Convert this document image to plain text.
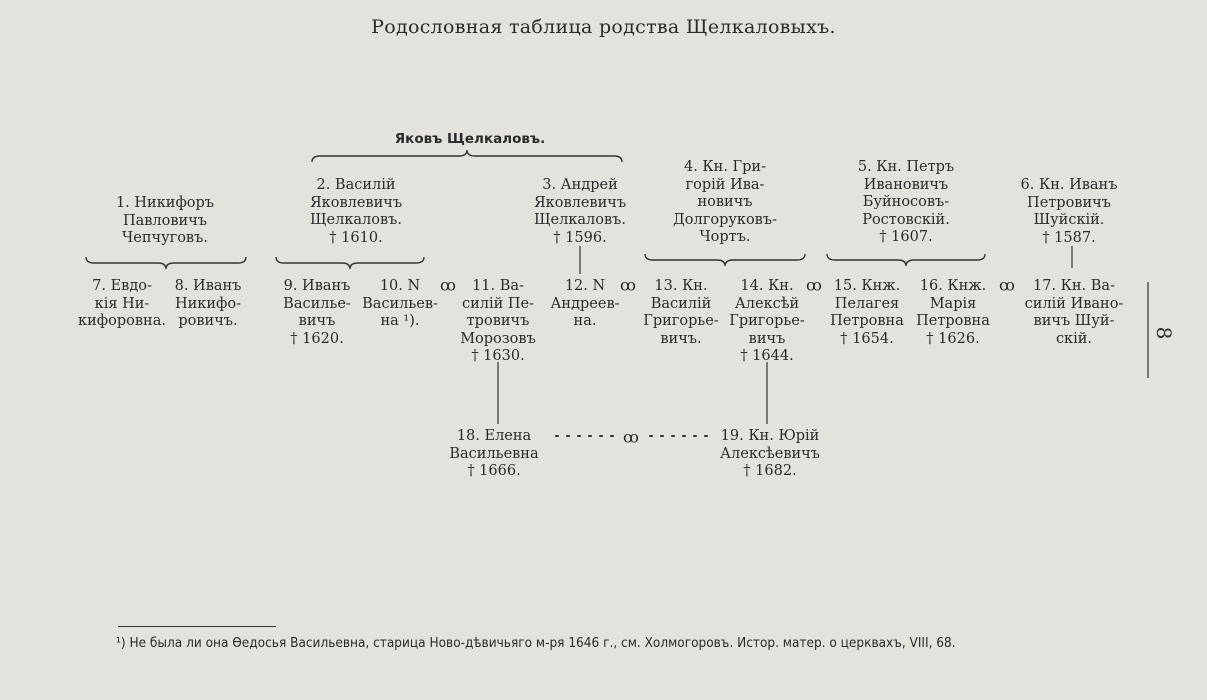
Родословная таблица родства Щелкаловыхъ.
Яковъ Щелкаловъ.
1. Никифоръ
Павловичъ
Чепчуговъ.
2. Василій
Яковлевичъ
Щелкаловъ.
† 1610.
3. Андрей
Яковлевичъ
Щелкаловъ.
† 1596.
4. Кн. Гри-
горій Ива-
новичъ
Долгоруковъ-
Чортъ.
5. Кн. Петръ
Ивановичъ
Буйносовъ-
Ростовскій.
† 1607.
6. Кн. Иванъ
Петровичъ
Шуйскій.
† 1587.
7. Евдо-
кія Ни-
кифоровна.
8. Иванъ
Никифо-
ровичъ.
9. Иванъ
Василье-
вичъ
† 1620.
10. N
Васильев-
на ¹).
11. Ва-
силій Пе-
тровичъ
Морозовъ
† 1630.
12. N
Андреев-
на.
13. Кн.
Василій
Григорье-
вичъ.
14. Кн.
Алексѣй
Григорье-
вичъ
† 1644.
15. Кнж.
Пелагея
Петровна
† 1654.
16. Кнж.
Марія
Петровна
† 1626.
17. Кн. Ва-
силій Ивано-
вичъ Шуй-
скій.
18. Елена
Васильевна
† 1666.
19. Кн. Юрій
Алексѣевичъ
† 1682.
ꝏ	ꝏ	ꝏ	ꝏ
ꝏ
8
¹) Не была ли она Ѳедосья Васильевна, старица Ново-дѣвичьяго м-ря 1646 г., см. Холмогоровъ. Истор. матер. о церквахъ, VIII, 68.
